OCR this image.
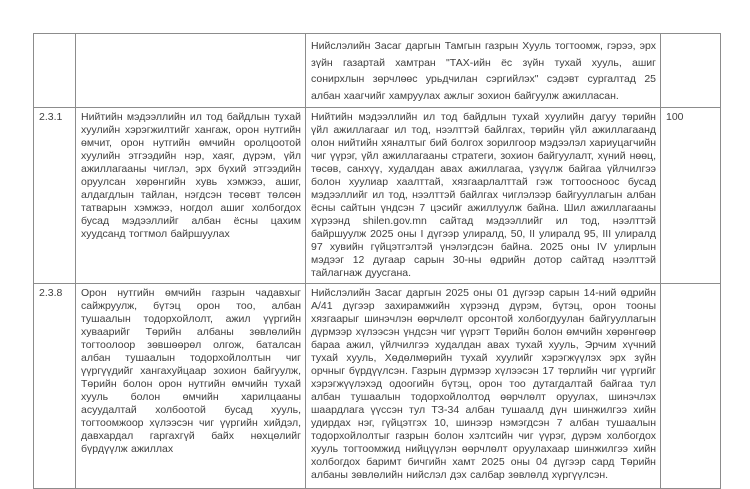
		Нийслэлийн Засаг даргын Тамгын газрын Хууль тогтоомж, гэрээ, эрх зүйн газартай хамтран "ТАХ-ийн ёс зүйн тухай хууль, ашиг сонирхлын зөрчлөөс урьдчилан сэргийлэх" сэдэвт сургалтад 25 албан хаагчийг хамруулах ажлыг зохион байгуулж ажилласан.	
2.3.1	Нийтийн мэдээллийн ил тод байдлын тухай хуулийн хэрэгжилтийг хангаж, орон нутгийн өмчит, орон нутгийн өмчийн оролцоотой хуулийн этгээдийн нэр, хаяг, дүрэм, үйл ажиллагааны чиглэл, эрх бүхий этгээдийн оруулсан хөрөнгийн хувь хэмжээ, ашиг, алдагдлын тайлан, нэгдсэн төсөвт төлсөн татварын хэмжээ, ногдол ашиг холбогдох бусад мэдээллийг албан ёсны цахим хуудсанд тогтмол байршуулах	Нийтийн мэдээллийн ил тод байдлын тухай хуулийн дагуу төрийн үйл ажиллагааг ил тод, нээлттэй байлгах, төрийн үйл ажиллагаанд олон нийтийн хяналтыг бий болгох зорилгоор мэдээлэл хариуцагчийн чиг үүрэг, үйл ажиллагааны стратеги, зохион байгуулалт, хүний нөөц, төсөв, санхүү, худалдан авах ажиллагаа, үзүүлж байгаа үйлчилгээ болон хуулиар хаалттай, хязгаарлалттай гэж тогтоосноос бусад мэдээллийг ил тод, нээлттэй байлгах чиглэлээр байгууллагын албан ёсны сайтын үндсэн 7 цэсийг ажиллуулж байна. Шил ажиллагааны хүрээнд shilen.gov.mn сайтад мэдээллийг ил тод, нээлттэй байршуулж 2025 оны I дүгээр улиралд, 50, II улиралд 95, III улиралд 97 хувийн гүйцэтгэлтэй үнэлэгдсэн байна. 2025 оны IV улирлын мэдээг 12 дугаар сарын 30-ны өдрийн дотор сайтад нээлттэй тайлагнаж дуусгана.	100
2.3.8	Орон нутгийн өмчийн газрын чадавхыг сайжруулж, бүтэц орон тоо, албан тушаалын тодорхойлолт, ажил үүргийн хуваарийг Төрийн албаны зөвлөлийн тогтоолоор зөвшөөрөл олгож, баталсан албан тушаалын тодорхойлолтын чиг үүргүүдийг хангахуйцаар зохион байгуулж, Төрийн болон орон нутгийн өмчийн тухай хууль болон өмчийн харилцааны асуудалтай холбоотой бусад хууль, тогтоомжоор хүлээсэн чиг үүргийн хийдэл, давхардал гаргахгүй байх нөхцөлийг бүрдүүлж ажиллах	Нийслэлийн Засаг даргын 2025 оны 01 дүгээр сарын 14-ний өдрийн А/41 дүгээр захирамжийн хүрээнд дүрэм, бүтэц, орон тооны хязгаарыг шинэчлэн өөрчлөлт орсонтой холбогдуулан байгууллагын дүрмээр хүлээсэн үндсэн чиг үүрэгт Төрийн болон өмчийн хөрөнгөөр бараа ажил, үйлчилгээ худалдан авах тухай хууль, Эрчим хүчний тухай хууль, Хөдөлмөрийн тухай хуулийг хэрэгжүүлэх эрх зүйн орчныг бүрдүүлсэн. Газрын дүрмээр хүлээсэн 17 төрлийн чиг үүргийг хэрэгжүүлэхэд одоогийн бүтэц, орон тоо дутагдалтай байгаа тул албан тушаалын тодорхойлолтод өөрчлөлт оруулах, шинэчлэх шаардлага үүссэн тул ТЗ-34 албан тушаалд дүн шинжилгээ хийн удирдах нэг, гүйцэтгэх 10, шинээр нэмэгдсэн 7 албан тушаалын тодорхойлолтыг газрын болон хэлтсийн чиг үүрэг, дүрэм холбогдох хууль тогтоомжид нийцүүлэн өөрчлөлт оруулахаар шинжилгээ хийн холбогдох баримт бичгийн хамт 2025 оны 04 дүгээр сард Төрийн албаны зөвлөлийн нийслэл дэх салбар зөвлөлд хүргүүлсэн.	
